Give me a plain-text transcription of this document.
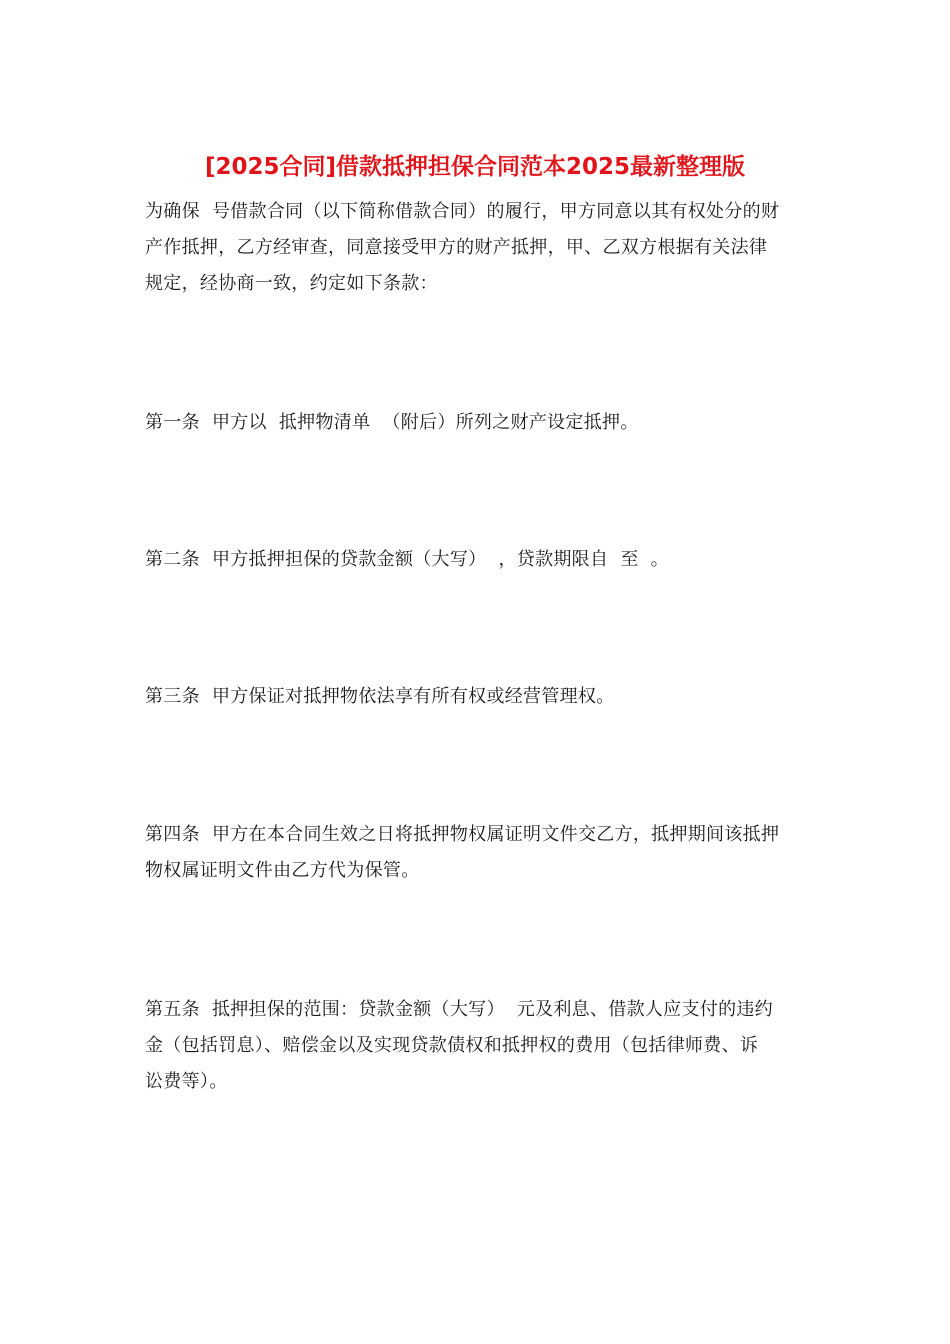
[2025合同]借款抵押担保合同范本2025最新整理版

为确保  号借款合同（以下简称借款合同）的履行，甲方同意以其有权处分的财
产作抵押，乙方经审查，同意接受甲方的财产抵押，甲、乙双方根据有关法律
规定，经协商一致，约定如下条款：

第一条  甲方以  抵押物清单  （附后）所列之财产设定抵押。

第二条  甲方抵押担保的贷款金额（大写）  ，贷款期限自  至  。

第三条  甲方保证对抵押物依法享有所有权或经营管理权。

第四条  甲方在本合同生效之日将抵押物权属证明文件交乙方，抵押期间该抵押
物权属证明文件由乙方代为保管。

第五条  抵押担保的范围：贷款金额（大写）  元及利息、借款人应支付的违约
金（包括罚息）、赔偿金以及实现贷款债权和抵押权的费用（包括律师费、诉
讼费等）。
